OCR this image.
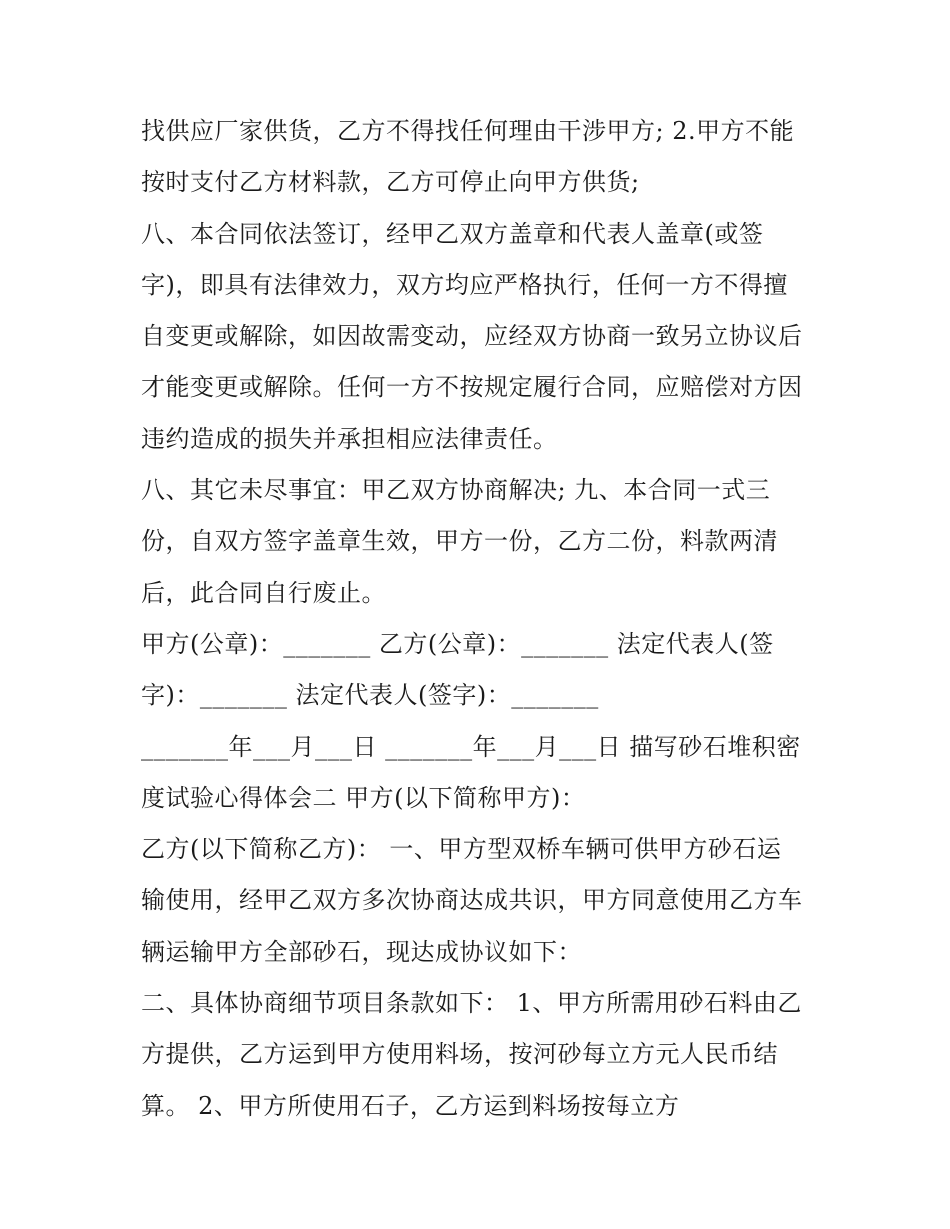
找供应厂家供货，乙方不得找任何理由干涉甲方; 2.甲方不能
按时支付乙方材料款，乙方可停止向甲方供货;
八、本合同依法签订，经甲乙双方盖章和代表人盖章(或签
字)，即具有法律效力，双方均应严格执行，任何一方不得擅
自变更或解除，如因故需变动，应经双方协商一致另立协议后
才能变更或解除。任何一方不按规定履行合同，应赔偿对方因
违约造成的损失并承担相应法律责任。
八、其它未尽事宜：甲乙双方协商解决; 九、本合同一式三
份，自双方签字盖章生效，甲方一份，乙方二份，料款两清
后，此合同自行废止。
甲方(公章)：_______ 乙方(公章)：_______ 法定代表人(签
字)：_______ 法定代表人(签字)：_______
_______年___月___日 _______年___月___日 描写砂石堆积密
度试验心得体会二 甲方(以下简称甲方)：
乙方(以下简称乙方)： 一、甲方型双桥车辆可供甲方砂石运
输使用，经甲乙双方多次协商达成共识，甲方同意使用乙方车
辆运输甲方全部砂石，现达成协议如下：
二、具体协商细节项目条款如下： 1、甲方所需用砂石料由乙
方提供，乙方运到甲方使用料场，按河砂每立方元人民币结
算。 2、甲方所使用石子，乙方运到料场按每立方
